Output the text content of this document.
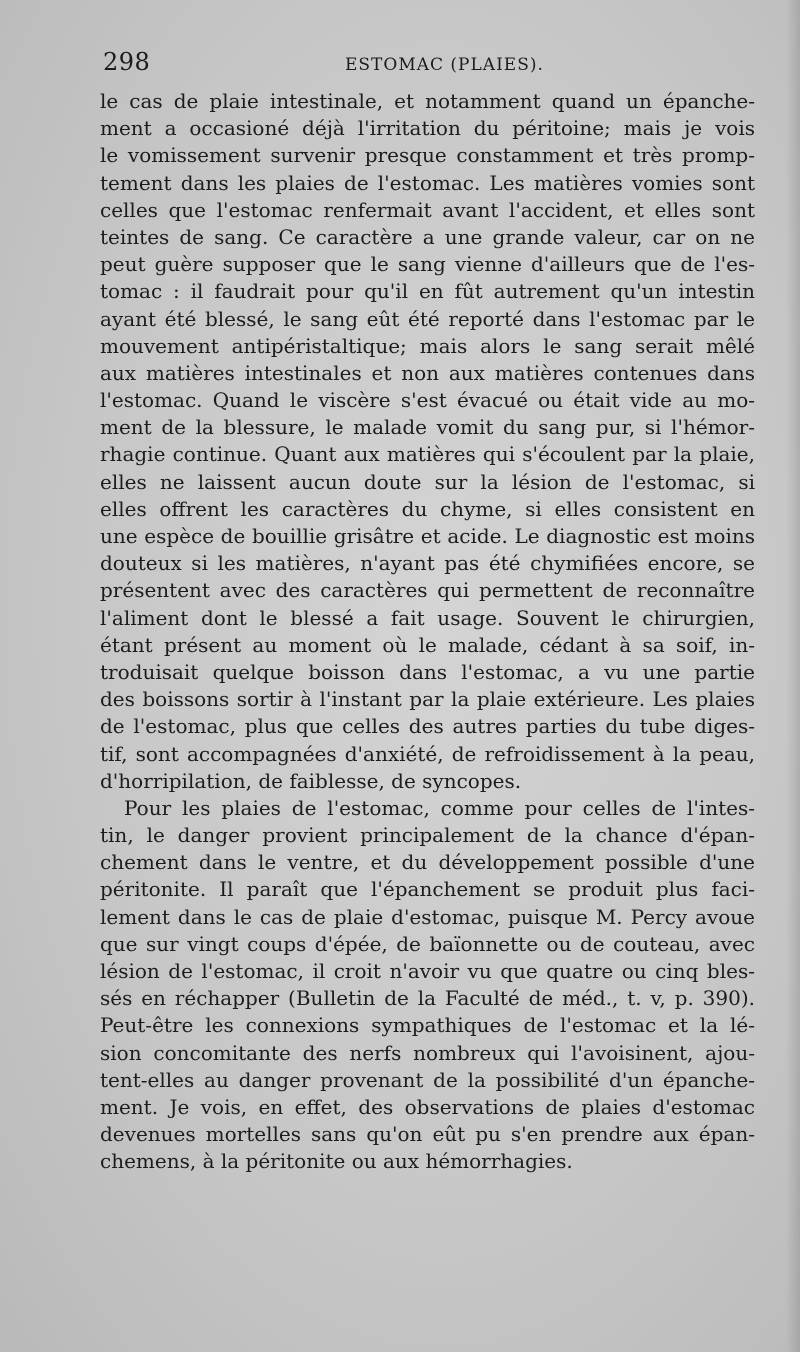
298	ESTOMAC (PLAIES).
le cas de plaie intestinale, et notamment quand un épanche-
ment a occasioné déjà l'irritation du péritoine; mais je vois
le vomissement survenir presque constamment et très promp-
tement dans les plaies de l'estomac. Les matières vomies sont
celles que l'estomac renfermait avant l'accident, et elles sont
teintes de sang. Ce caractère a une grande valeur, car on ne
peut guère supposer que le sang vienne d'ailleurs que de l'es-
tomac : il faudrait pour qu'il en fût autrement qu'un intestin
ayant été blessé, le sang eût été reporté dans l'estomac par le
mouvement antipéristaltique; mais alors le sang serait mêlé
aux matières intestinales et non aux matières contenues dans
l'estomac. Quand le viscère s'est évacué ou était vide au mo-
ment de la blessure, le malade vomit du sang pur, si l'hémor-
rhagie continue. Quant aux matières qui s'écoulent par la plaie,
elles ne laissent aucun doute sur la lésion de l'estomac, si
elles offrent les caractères du chyme, si elles consistent en
une espèce de bouillie grisâtre et acide. Le diagnostic est moins
douteux si les matières, n'ayant pas été chymifiées encore, se
présentent avec des caractères qui permettent de reconnaître
l'aliment dont le blessé a fait usage. Souvent le chirurgien,
étant présent au moment où le malade, cédant à sa soif, in-
troduisait quelque boisson dans l'estomac, a vu une partie
des boissons sortir à l'instant par la plaie extérieure. Les plaies
de l'estomac, plus que celles des autres parties du tube diges-
tif, sont accompagnées d'anxiété, de refroidissement à la peau,
d'horripilation, de faiblesse, de syncopes.
Pour les plaies de l'estomac, comme pour celles de l'intes-
tin, le danger provient principalement de la chance d'épan-
chement dans le ventre, et du développement possible d'une
péritonite. Il paraît que l'épanchement se produit plus faci-
lement dans le cas de plaie d'estomac, puisque M. Percy avoue
que sur vingt coups d'épée, de baïonnette ou de couteau, avec
lésion de l'estomac, il croit n'avoir vu que quatre ou cinq bles-
sés en réchapper (Bulletin de la Faculté de méd., t. v, p. 390).
Peut-être les connexions sympathiques de l'estomac et la lé-
sion concomitante des nerfs nombreux qui l'avoisinent, ajou-
tent-elles au danger provenant de la possibilité d'un épanche-
ment. Je vois, en effet, des observations de plaies d'estomac
devenues mortelles sans qu'on eût pu s'en prendre aux épan-
chemens, à la péritonite ou aux hémorrhagies.
